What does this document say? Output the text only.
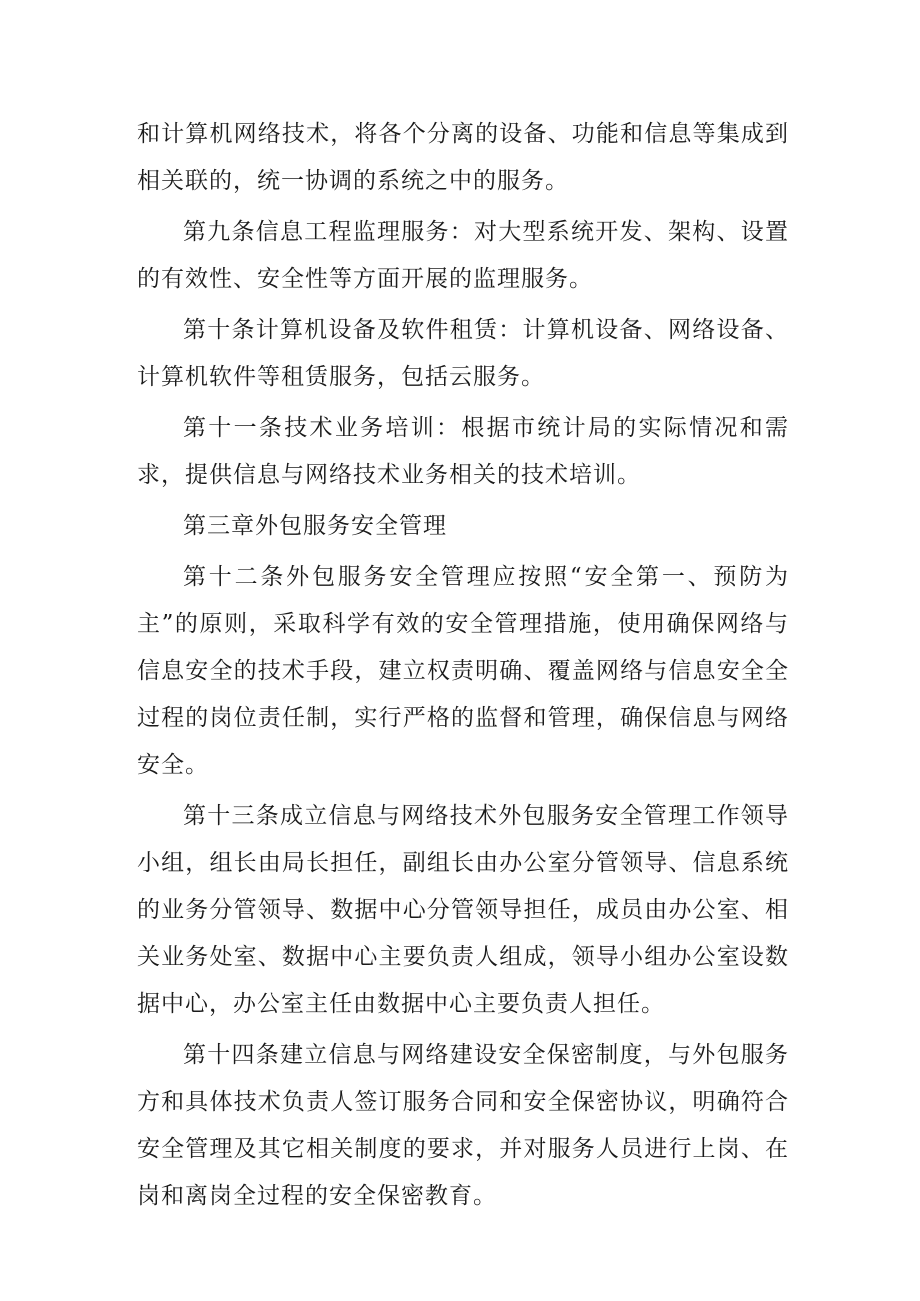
和计算机网络技术，将各个分离的设备、功能和信息等集成到相关联的，统一协调的系统之中的服务。

第九条信息工程监理服务：对大型系统开发、架构、设置的有效性、安全性等方面开展的监理服务。

第十条计算机设备及软件租赁：计算机设备、网络设备、计算机软件等租赁服务，包括云服务。

第十一条技术业务培训：根据市统计局的实际情况和需求，提供信息与网络技术业务相关的技术培训。

第三章外包服务安全管理

第十二条外包服务安全管理应按照“安全第一、预防为主”的原则，采取科学有效的安全管理措施，使用确保网络与信息安全的技术手段，建立权责明确、覆盖网络与信息安全全过程的岗位责任制，实行严格的监督和管理，确保信息与网络安全。

第十三条成立信息与网络技术外包服务安全管理工作领导小组，组长由局长担任，副组长由办公室分管领导、信息系统的业务分管领导、数据中心分管领导担任，成员由办公室、相关业务处室、数据中心主要负责人组成，领导小组办公室设数据中心，办公室主任由数据中心主要负责人担任。

第十四条建立信息与网络建设安全保密制度，与外包服务方和具体技术负责人签订服务合同和安全保密协议，明确符合安全管理及其它相关制度的要求，并对服务人员进行上岗、在岗和离岗全过程的安全保密教育。
